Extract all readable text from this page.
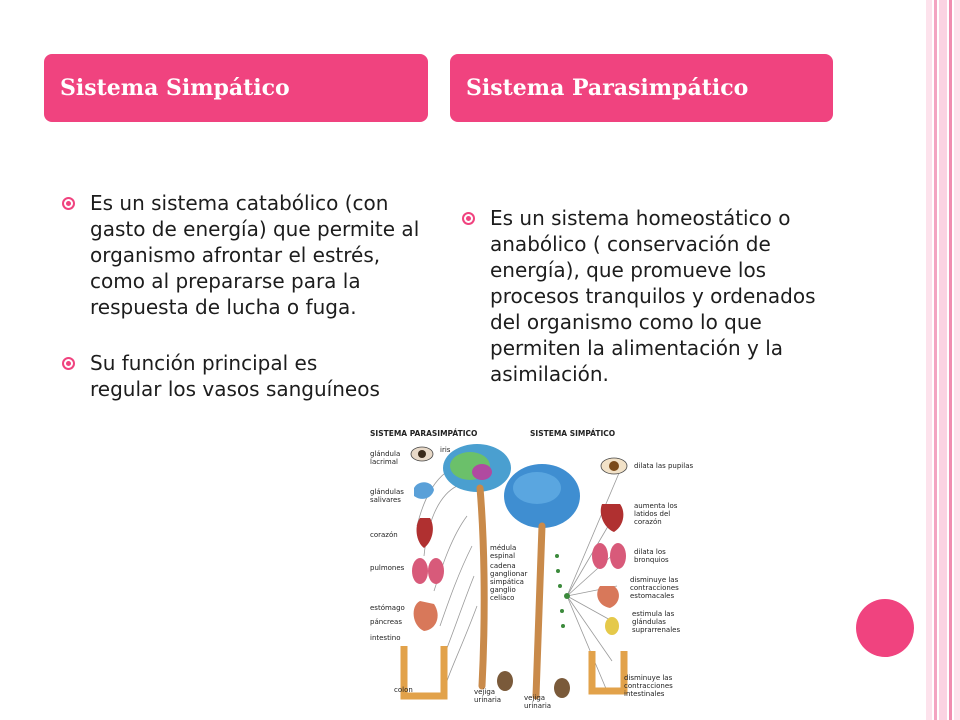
Sistema Simpático	Sistema Parasimpático
Es un sistema catabólico (con gasto de energía) que permite al organismo afrontar el estrés, como al prepararse para la respuesta de lucha o fuga.
Su función principal es regular los vasos sanguíneos
Es un sistema homeostático o anabólico ( conservación de energía), que promueve los procesos tranquilos y ordenados del organismo como lo que permiten la alimentación y la asimilación.
SISTEMA PARASIMPÁTICO	SISTEMA SIMPÁTICO
iris
glándula lacrimal
glándulas salivares
corazón
pulmones
estómago
páncreas
intestino
colon	vejiga urinaria
médula espinal
cadena ganglionar simpática
ganglio celíaco
vejiga urinaria
dilata las pupilas
aumenta los latidos del corazón
dilata los bronquios
disminuye las contracciones estomacales
estimula las glándulas suprarrenales
disminuye las contracciones intestinales
